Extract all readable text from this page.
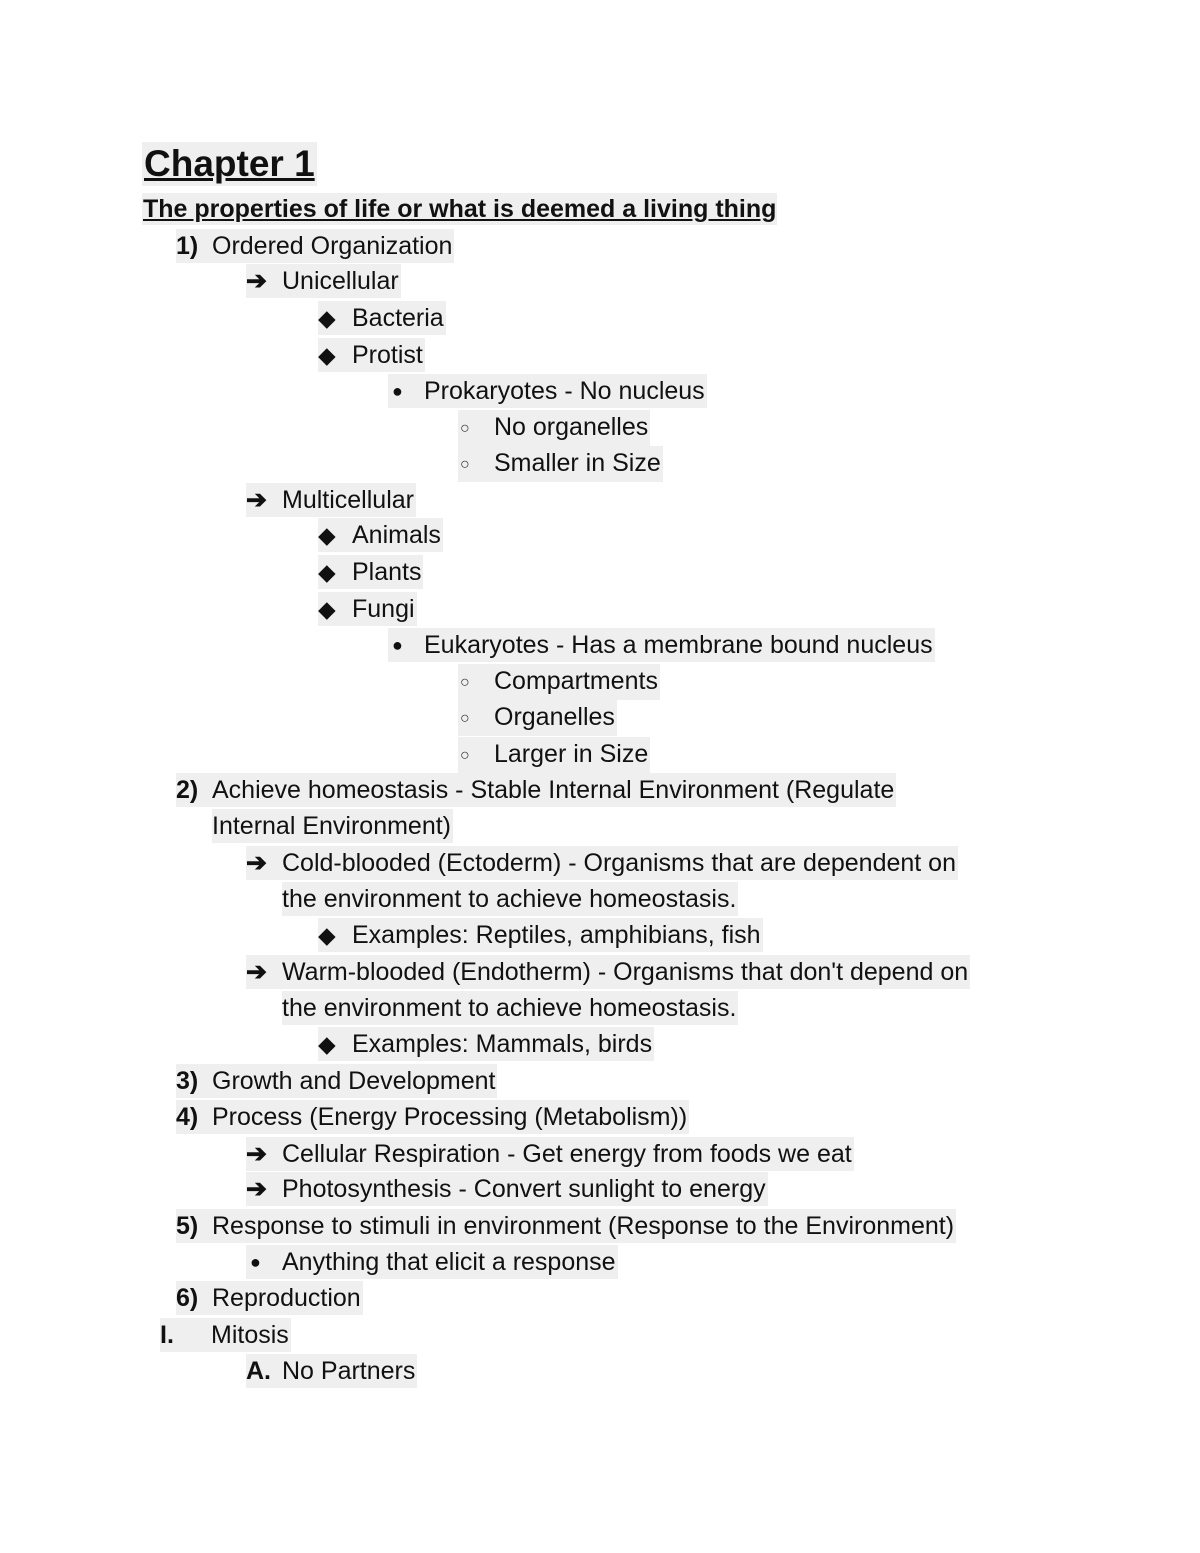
Chapter 1
The properties of life or what is deemed a living thing
1) Ordered Organization
➔ Unicellular
◆ Bacteria
◆ Protist
● Prokaryotes - No nucleus
○ No organelles
○ Smaller in Size
➔ Multicellular
◆ Animals
◆ Plants
◆ Fungi
● Eukaryotes - Has a membrane bound nucleus
○ Compartments
○ Organelles
○ Larger in Size
2) Achieve homeostasis - Stable Internal Environment (Regulate
Internal Environment)
➔ Cold-blooded (Ectoderm) - Organisms that are dependent on
the environment to achieve homeostasis.
◆ Examples: Reptiles, amphibians, fish
➔ Warm-blooded (Endotherm) - Organisms that don't depend on
the environment to achieve homeostasis.
◆ Examples: Mammals, birds
3) Growth and Development
4) Process (Energy Processing (Metabolism))
➔ Cellular Respiration - Get energy from foods we eat
➔ Photosynthesis - Convert sunlight to energy
5) Response to stimuli in environment (Response to the Environment)
● Anything that elicit a response
6) Reproduction
I. Mitosis
A. No Partners
